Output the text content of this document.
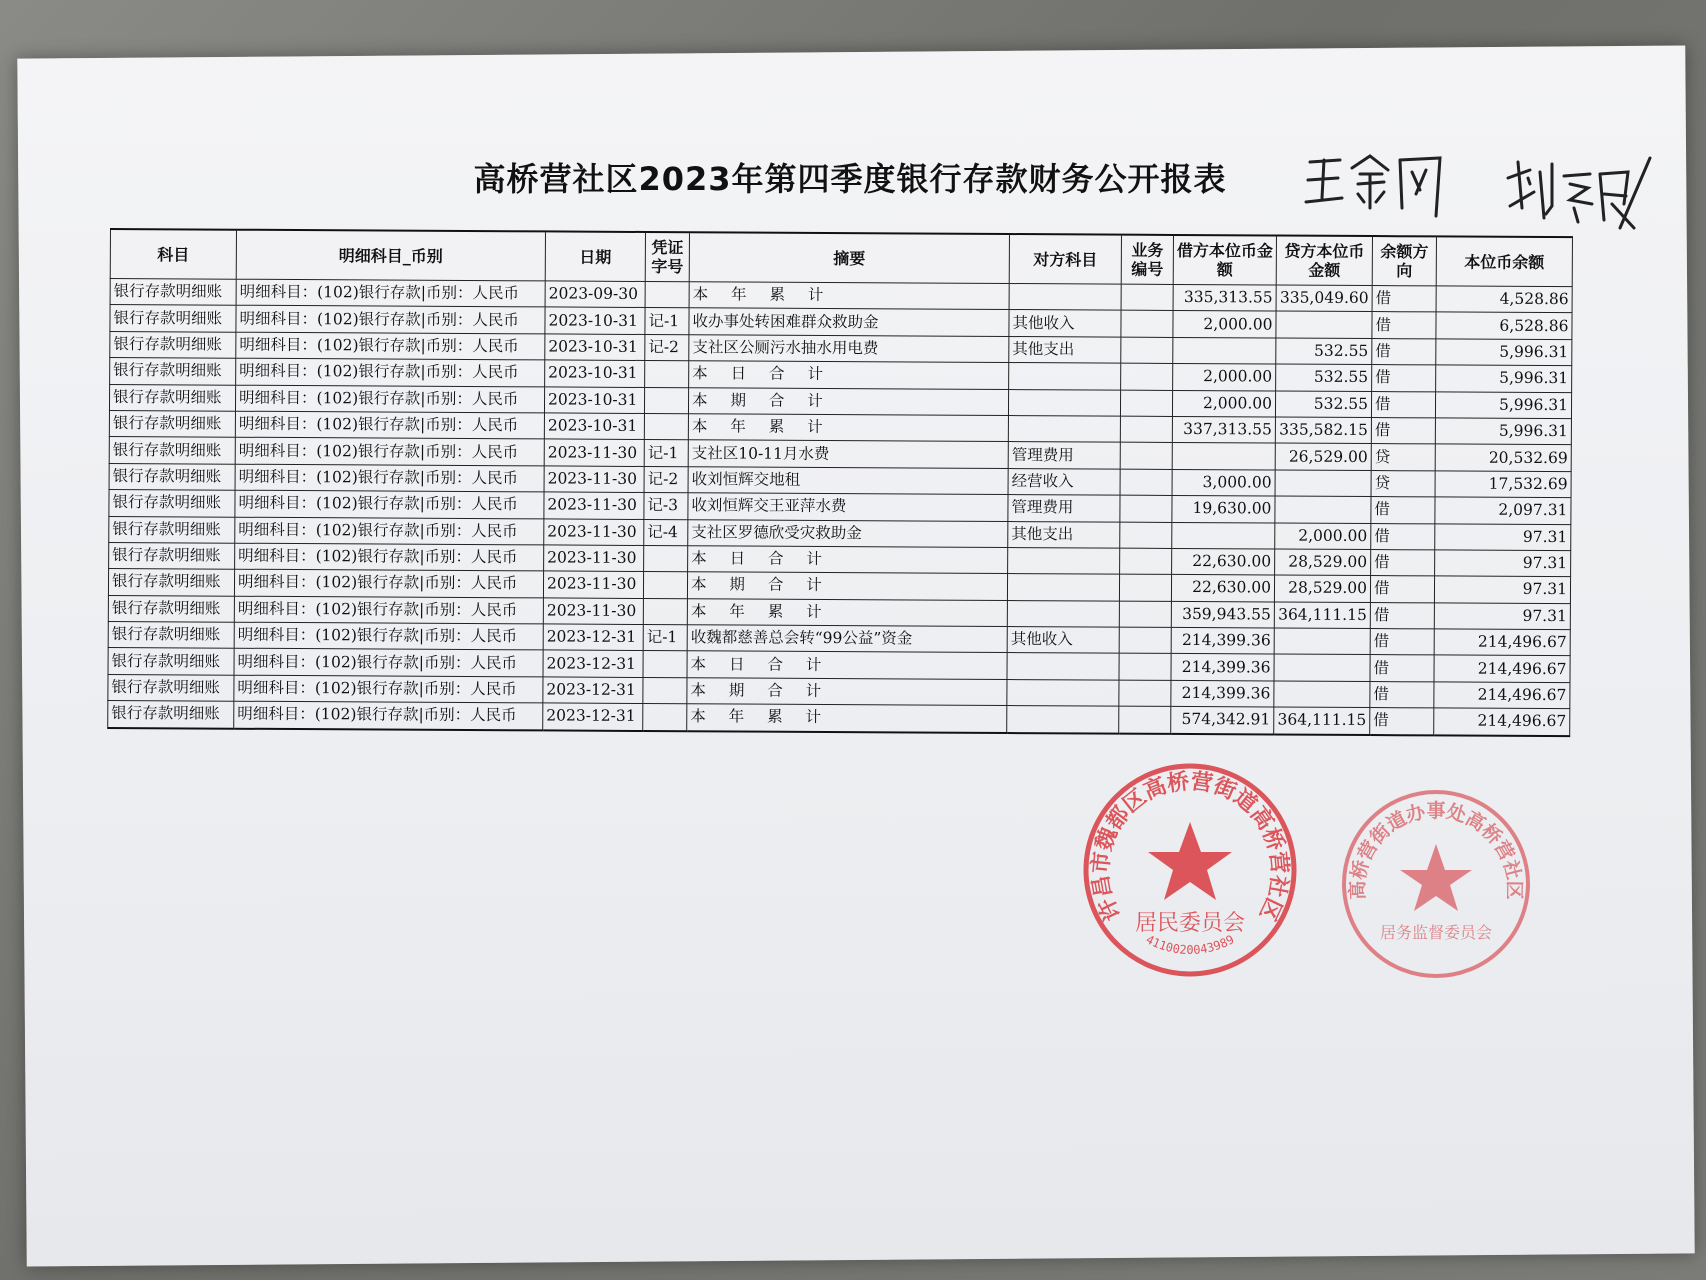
高桥营社区2023年第四季度银行存款财务公开报表
科目	明细科目_币别	日期	凭证字号	摘要	对方科目	业务编号	借方本位币金额	贷方本位币金额	余额方向	本位币余额
银行存款明细账	明细科目：(102)银行存款|币别：人民币	2023-09-30		本 年 累 计			335,313.55	335,049.60	借	4,528.86
银行存款明细账	明细科目：(102)银行存款|币别：人民币	2023-10-31	记-1	收办事处转困难群众救助金	其他收入		2,000.00		借	6,528.86
银行存款明细账	明细科目：(102)银行存款|币别：人民币	2023-10-31	记-2	支社区公厕污水抽水用电费	其他支出			532.55	借	5,996.31
银行存款明细账	明细科目：(102)银行存款|币别：人民币	2023-10-31		本 日 合 计			2,000.00	532.55	借	5,996.31
银行存款明细账	明细科目：(102)银行存款|币别：人民币	2023-10-31		本 期 合 计			2,000.00	532.55	借	5,996.31
银行存款明细账	明细科目：(102)银行存款|币别：人民币	2023-10-31		本 年 累 计			337,313.55	335,582.15	借	5,996.31
银行存款明细账	明细科目：(102)银行存款|币别：人民币	2023-11-30	记-1	支社区10-11月水费	管理费用			26,529.00	贷	20,532.69
银行存款明细账	明细科目：(102)银行存款|币别：人民币	2023-11-30	记-2	收刘恒辉交地租	经营收入		3,000.00		贷	17,532.69
银行存款明细账	明细科目：(102)银行存款|币别：人民币	2023-11-30	记-3	收刘恒辉交王亚萍水费	管理费用		19,630.00		借	2,097.31
银行存款明细账	明细科目：(102)银行存款|币别：人民币	2023-11-30	记-4	支社区罗德欣受灾救助金	其他支出			2,000.00	借	97.31
银行存款明细账	明细科目：(102)银行存款|币别：人民币	2023-11-30		本 日 合 计			22,630.00	28,529.00	借	97.31
银行存款明细账	明细科目：(102)银行存款|币别：人民币	2023-11-30		本 期 合 计			22,630.00	28,529.00	借	97.31
银行存款明细账	明细科目：(102)银行存款|币别：人民币	2023-11-30		本 年 累 计			359,943.55	364,111.15	借	97.31
银行存款明细账	明细科目：(102)银行存款|币别：人民币	2023-12-31	记-1	收魏都慈善总会转“99公益”资金	其他收入		214,399.36		借	214,496.67
银行存款明细账	明细科目：(102)银行存款|币别：人民币	2023-12-31		本 日 合 计			214,399.36		借	214,496.67
银行存款明细账	明细科目：(102)银行存款|币别：人民币	2023-12-31		本 期 合 计			214,399.36		借	214,496.67
银行存款明细账	明细科目：(102)银行存款|币别：人民币	2023-12-31		本 年 累 计			574,342.91	364,111.15	借	214,496.67
许昌市魏都区高桥营街道高桥营社区
居民委员会
4110020043989
高桥营街道办事处高桥营社区
居务监督委员会
